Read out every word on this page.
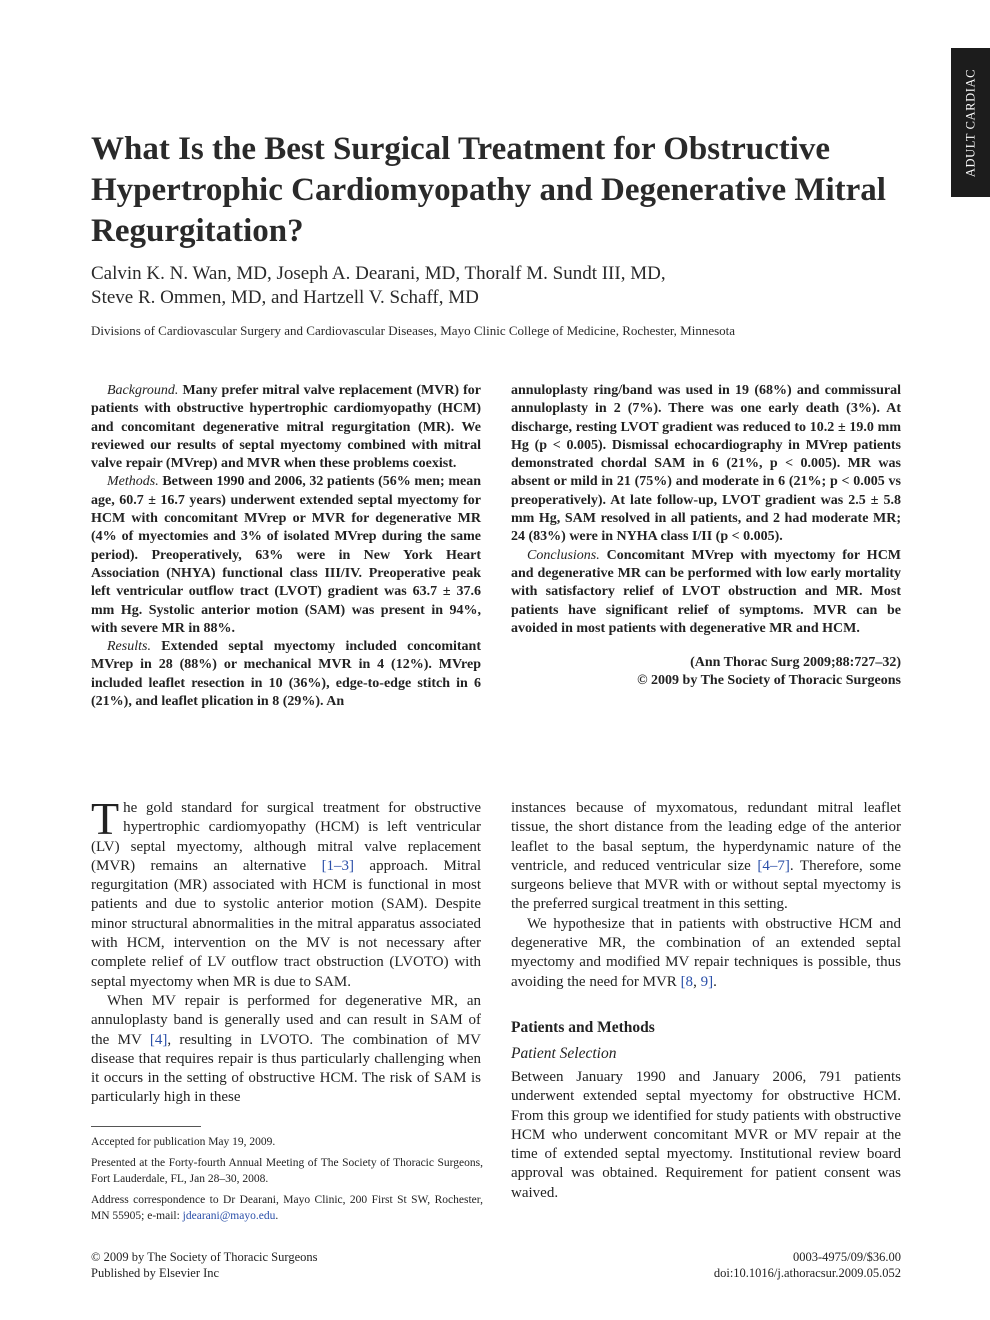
ADULT CARDIAC
What Is the Best Surgical Treatment for Obstructive Hypertrophic Cardiomyopathy and Degenerative Mitral Regurgitation?
Calvin K. N. Wan, MD, Joseph A. Dearani, MD, Thoralf M. Sundt III, MD,
Steve R. Ommen, MD, and Hartzell V. Schaff, MD

Divisions of Cardiovascular Surgery and Cardiovascular Diseases, Mayo Clinic College of Medicine, Rochester, Minnesota

Background. Many prefer mitral valve replacement (MVR) for patients with obstructive hypertrophic cardiomyopathy (HCM) and concomitant degenerative mitral regurgitation (MR). We reviewed our results of septal myectomy combined with mitral valve repair (MVrep) and MVR when these problems coexist.

Methods. Between 1990 and 2006, 32 patients (56% men; mean age, 60.7 ± 16.7 years) underwent extended septal myectomy for HCM with concomitant MVrep or MVR for degenerative MR (4% of myectomies and 3% of isolated MVrep during the same period). Preoperatively, 63% were in New York Heart Association (NHYA) functional class III/IV. Preoperative peak left ventricular outflow tract (LVOT) gradient was 63.7 ± 37.6 mm Hg. Systolic anterior motion (SAM) was present in 94%, with severe MR in 88%.

Results. Extended septal myectomy included concomitant MVrep in 28 (88%) or mechanical MVR in 4 (12%). MVrep included leaflet resection in 10 (36%), edge-to-edge stitch in 6 (21%), and leaflet plication in 8 (29%). An

annuloplasty ring/band was used in 19 (68%) and commissural annuloplasty in 2 (7%). There was one early death (3%). At discharge, resting LVOT gradient was reduced to 10.2 ± 19.0 mm Hg (p < 0.005). Dismissal echocardiography in MVrep patients demonstrated chordal SAM in 6 (21%, p < 0.005). MR was absent or mild in 21 (75%) and moderate in 6 (21%; p < 0.005 vs preoperatively). At late follow-up, LVOT gradient was 2.5 ± 5.8 mm Hg, SAM resolved in all patients, and 2 had moderate MR; 24 (83%) were in NYHA class I/II (p < 0.005).

Conclusions. Concomitant MVrep with myectomy for HCM and degenerative MR can be performed with low early mortality with satisfactory relief of LVOT obstruction and MR. Most patients have significant relief of symptoms. MVR can be avoided in most patients with degenerative MR and HCM.

(Ann Thorac Surg 2009;88:727–32)
© 2009 by The Society of Thoracic Surgeons

The gold standard for surgical treatment for obstructive hypertrophic cardiomyopathy (HCM) is left ventricular (LV) septal myectomy, although mitral valve replacement (MVR) remains an alternative [1–3] approach. Mitral regurgitation (MR) associated with HCM is functional in most patients and due to systolic anterior motion (SAM). Despite minor structural abnormalities in the mitral apparatus associated with HCM, intervention on the MV is not necessary after complete relief of LV outflow tract obstruction (LVOTO) with septal myectomy when MR is due to SAM.

When MV repair is performed for degenerative MR, an annuloplasty band is generally used and can result in SAM of the MV [4], resulting in LVOTO. The combination of MV disease that requires repair is thus particularly challenging when it occurs in the setting of obstructive HCM. The risk of SAM is particularly high in these

instances because of myxomatous, redundant mitral leaflet tissue, the short distance from the leading edge of the anterior leaflet to the basal septum, the hyperdynamic nature of the ventricle, and reduced ventricular size [4–7]. Therefore, some surgeons believe that MVR with or without septal myectomy is the preferred surgical treatment in this setting.

We hypothesize that in patients with obstructive HCM and degenerative MR, the combination of an extended septal myectomy and modified MV repair techniques is possible, thus avoiding the need for MVR [8, 9].

Patients and Methods
Patient Selection

Between January 1990 and January 2006, 791 patients underwent extended septal myectomy for obstructive HCM. From this group we identified for study patients with obstructive HCM who underwent concomitant MVR or MV repair at the time of extended septal myectomy. Institutional review board approval was obtained. Requirement for patient consent was waived.

Accepted for publication May 19, 2009.

Presented at the Forty-fourth Annual Meeting of The Society of Thoracic Surgeons, Fort Lauderdale, FL, Jan 28–30, 2008.

Address correspondence to Dr Dearani, Mayo Clinic, 200 First St SW, Rochester, MN 55905; e-mail: jdearani@mayo.edu.

© 2009 by The Society of Thoracic Surgeons
Published by Elsevier Inc
0003-4975/09/$36.00
doi:10.1016/j.athoracsur.2009.05.052
